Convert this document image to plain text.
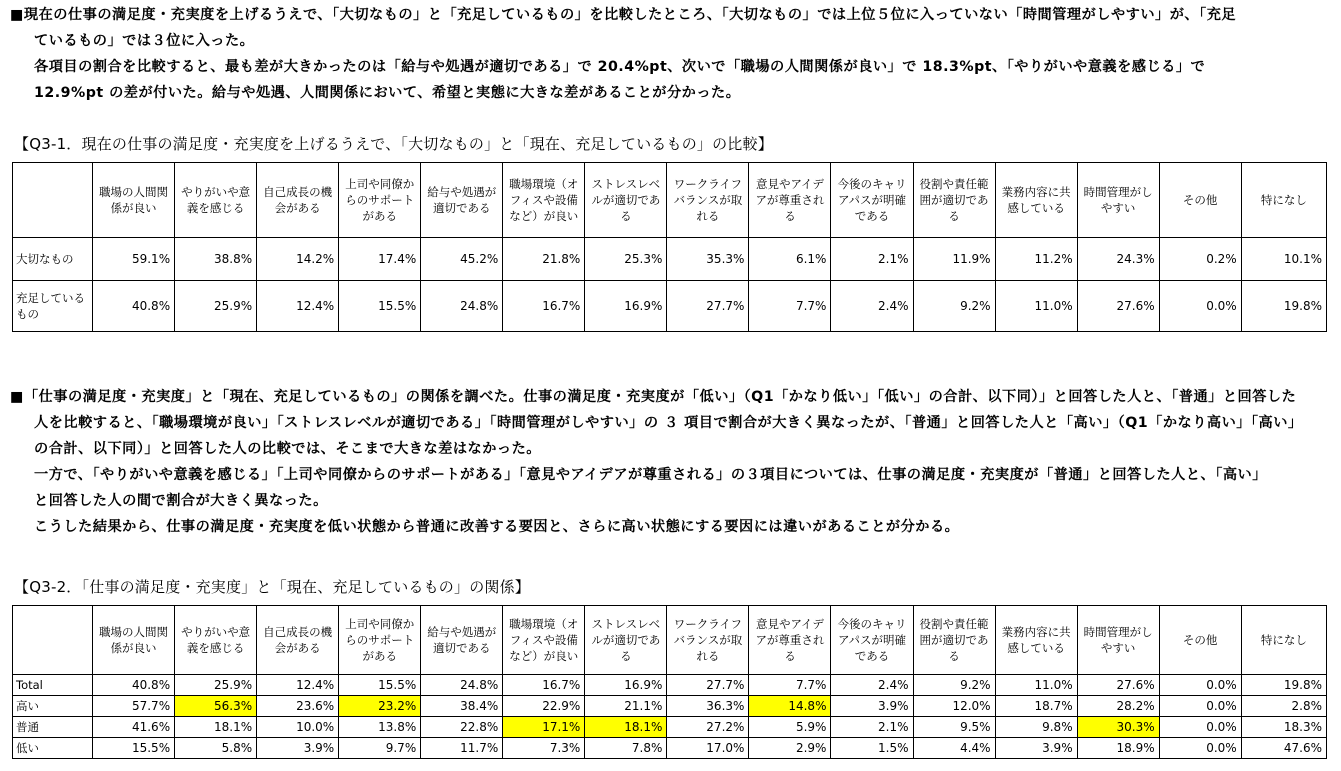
■現在の仕事の満足度・充実度を上げるうえで、「大切なもの」と「充足しているもの」を比較したところ、「大切なもの」では上位５位に入っていない「時間管理がしやすい」が、「充足
ているもの」では３位に入った。
各項目の割合を比較すると、最も差が大きかったのは「給与や処遇が適切である」で 20.4%pt、次いで「職場の人間関係が良い」で 18.3%pt、「やりがいや意義を感じる」で
12.9%pt の差が付いた。給与や処遇、人間関係において、希望と実態に大きな差があることが分かった。
【Q3-1．現在の仕事の満足度・充実度を上げるうえで、「大切なもの」と「現在、充足しているもの」の比較】
	職場の人間関係が良い	やりがいや意義を感じる	自己成長の機会がある	上司や同僚からのサポートがある	給与や処遇が適切である	職場環境（オフィスや設備など）が良い	ストレスレベルが適切である	ワークライフバランスが取れる	意見やアイデアが尊重される	今後のキャリアパスが明確である	役割や責任範囲が適切である	業務内容に共感している	時間管理がしやすい	その他	特になし
大切なもの	59.1%	38.8%	14.2%	17.4%	45.2%	21.8%	25.3%	35.3%	6.1%	2.1%	11.9%	11.2%	24.3%	0.2%	10.1%
充足しているもの	40.8%	25.9%	12.4%	15.5%	24.8%	16.7%	16.9%	27.7%	7.7%	2.4%	9.2%	11.0%	27.6%	0.0%	19.8%
■「仕事の満足度・充実度」と「現在、充足しているもの」の関係を調べた。仕事の満足度・充実度が「低い」（Q1「かなり低い」「低い」の合計、以下同）」と回答した人と、「普通」と回答した
人を比較すると、「職場環境が良い」「ストレスレベルが適切である」「時間管理がしやすい」の ３ 項目で割合が大きく異なったが、「普通」と回答した人と「高い」（Q1「かなり高い」「高い」
の合計、以下同）」と回答した人の比較では、そこまで大きな差はなかった。
一方で、「やりがいや意義を感じる」「上司や同僚からのサポートがある」「意見やアイデアが尊重される」の３項目については、仕事の満足度・充実度が「普通」と回答した人と、「高い」
と回答した人の間で割合が大きく異なった。
こうした結果から、仕事の満足度・充実度を低い状態から普通に改善する要因と、さらに高い状態にする要因には違いがあることが分かる。
【Q3-2．「仕事の満足度・充実度」と「現在、充足しているもの」の関係】
	職場の人間関係が良い	やりがいや意義を感じる	自己成長の機会がある	上司や同僚からのサポートがある	給与や処遇が適切である	職場環境（オフィスや設備など）が良い	ストレスレベルが適切である	ワークライフバランスが取れる	意見やアイデアが尊重される	今後のキャリアパスが明確である	役割や責任範囲が適切である	業務内容に共感している	時間管理がしやすい	その他	特になし
Total	40.8%	25.9%	12.4%	15.5%	24.8%	16.7%	16.9%	27.7%	7.7%	2.4%	9.2%	11.0%	27.6%	0.0%	19.8%
高い	57.7%	56.3%	23.6%	23.2%	38.4%	22.9%	21.1%	36.3%	14.8%	3.9%	12.0%	18.7%	28.2%	0.0%	2.8%
普通	41.6%	18.1%	10.0%	13.8%	22.8%	17.1%	18.1%	27.2%	5.9%	2.1%	9.5%	9.8%	30.3%	0.0%	18.3%
低い	15.5%	5.8%	3.9%	9.7%	11.7%	7.3%	7.8%	17.0%	2.9%	1.5%	4.4%	3.9%	18.9%	0.0%	47.6%
